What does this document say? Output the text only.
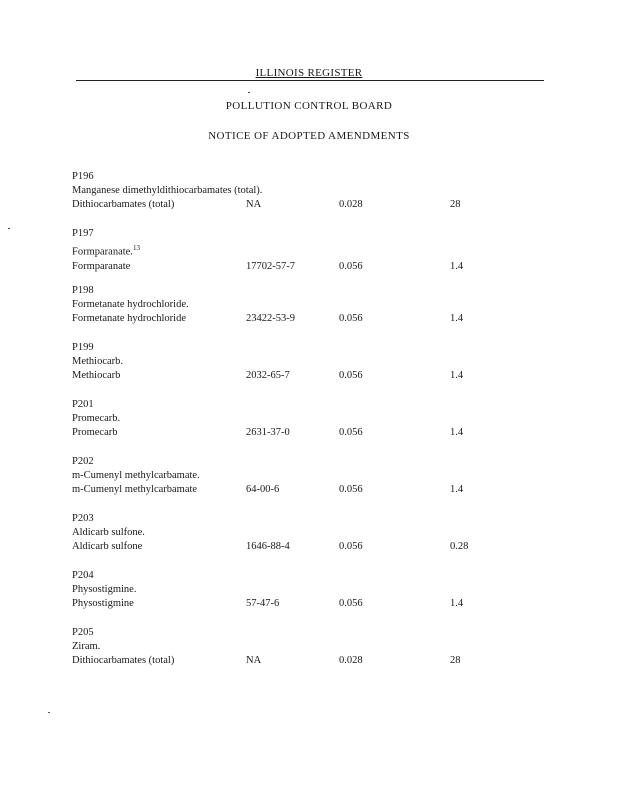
ILLINOIS REGISTER
POLLUTION CONTROL BOARD
NOTICE OF ADOPTED AMENDMENTS
P196
Manganese dimethyldithiocarbamates (total).
Dithiocarbamates (total)	NA	0.028	28
P197
Formparanate.$^{13}$
Formparanate	17702-57-7	0.056	1.4
P198
Formetanate hydrochloride.
Formetanate hydrochloride	23422-53-9	0.056	1.4
P199
Methiocarb.
Methiocarb	2032-65-7	0.056	1.4
P201
Promecarb.
Promecarb	2631-37-0	0.056	1.4
P202
m-Cumenyl methylcarbamate.
m-Cumenyl methylcarbamate	64-00-6	0.056	1.4
P203
Aldicarb sulfone.
Aldicarb sulfone	1646-88-4	0.056	0.28
P204
Physostigmine.
Physostigmine	57-47-6	0.056	1.4
P205
Ziram.
Dithiocarbamates (total)	NA	0.028	28
